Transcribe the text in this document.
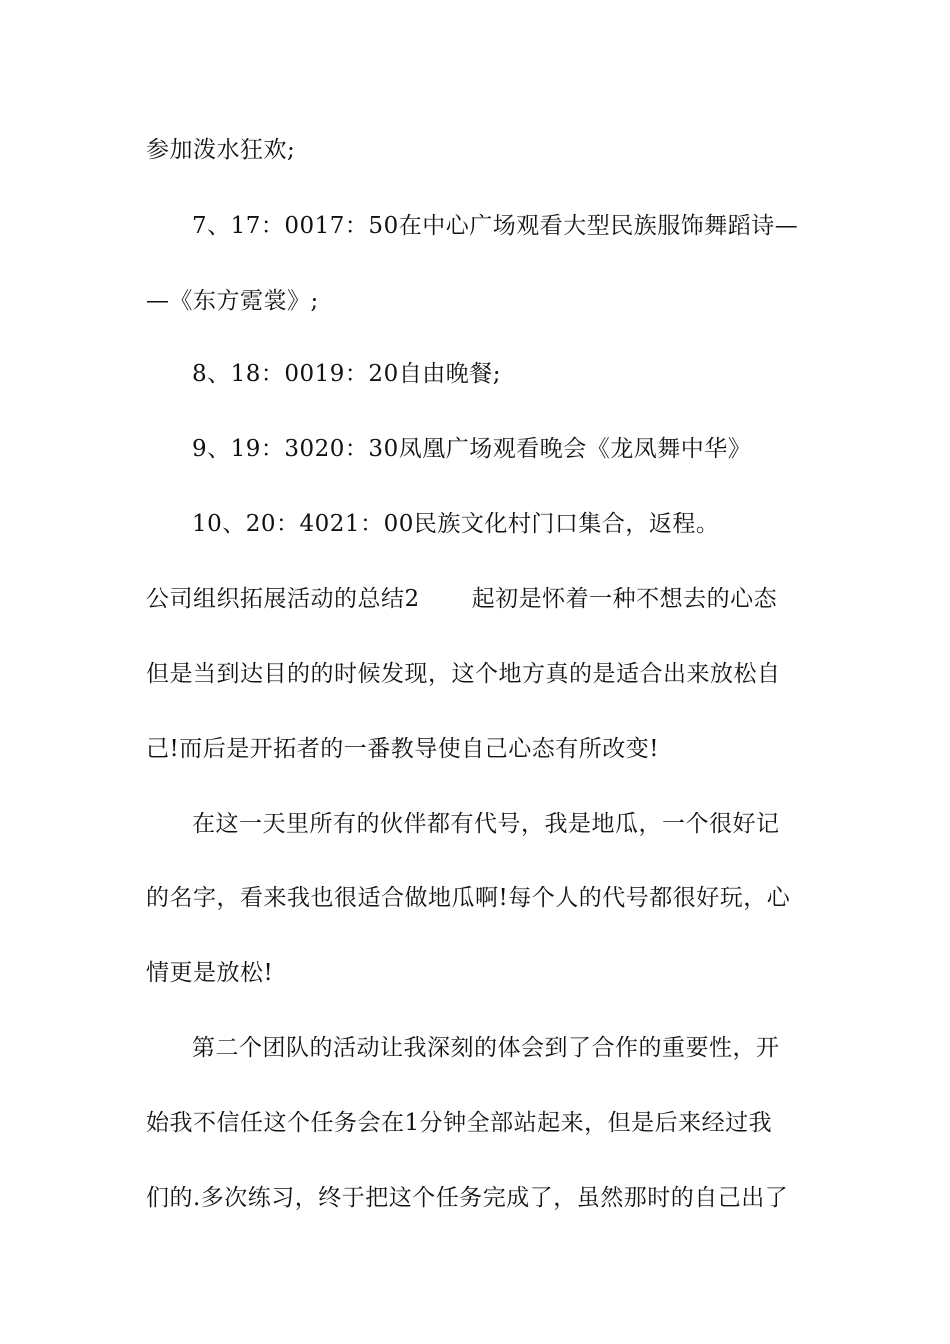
参加泼水狂欢;
7、17：0017：50在中心广场观看大型民族服饰舞蹈诗—
—《东方霓裳》;
8、18：0019：20自由晚餐;
9、19：3020：30凤凰广场观看晚会《龙凤舞中华》
10、20：4021：00民族文化村门口集合，返程。
公司组织拓展活动的总结2 起初是怀着一种不想去的心态
但是当到达目的的时候发现，这个地方真的是适合出来放松自
己!而后是开拓者的一番教导使自己心态有所改变!
在这一天里所有的伙伴都有代号，我是地瓜，一个很好记
的名字，看来我也很适合做地瓜啊!每个人的代号都很好玩，心
情更是放松!
第二个团队的活动让我深刻的体会到了合作的重要性，开
始我不信任这个任务会在1分钟全部站起来，但是后来经过我
们的.多次练习，终于把这个任务完成了，虽然那时的自己出了
